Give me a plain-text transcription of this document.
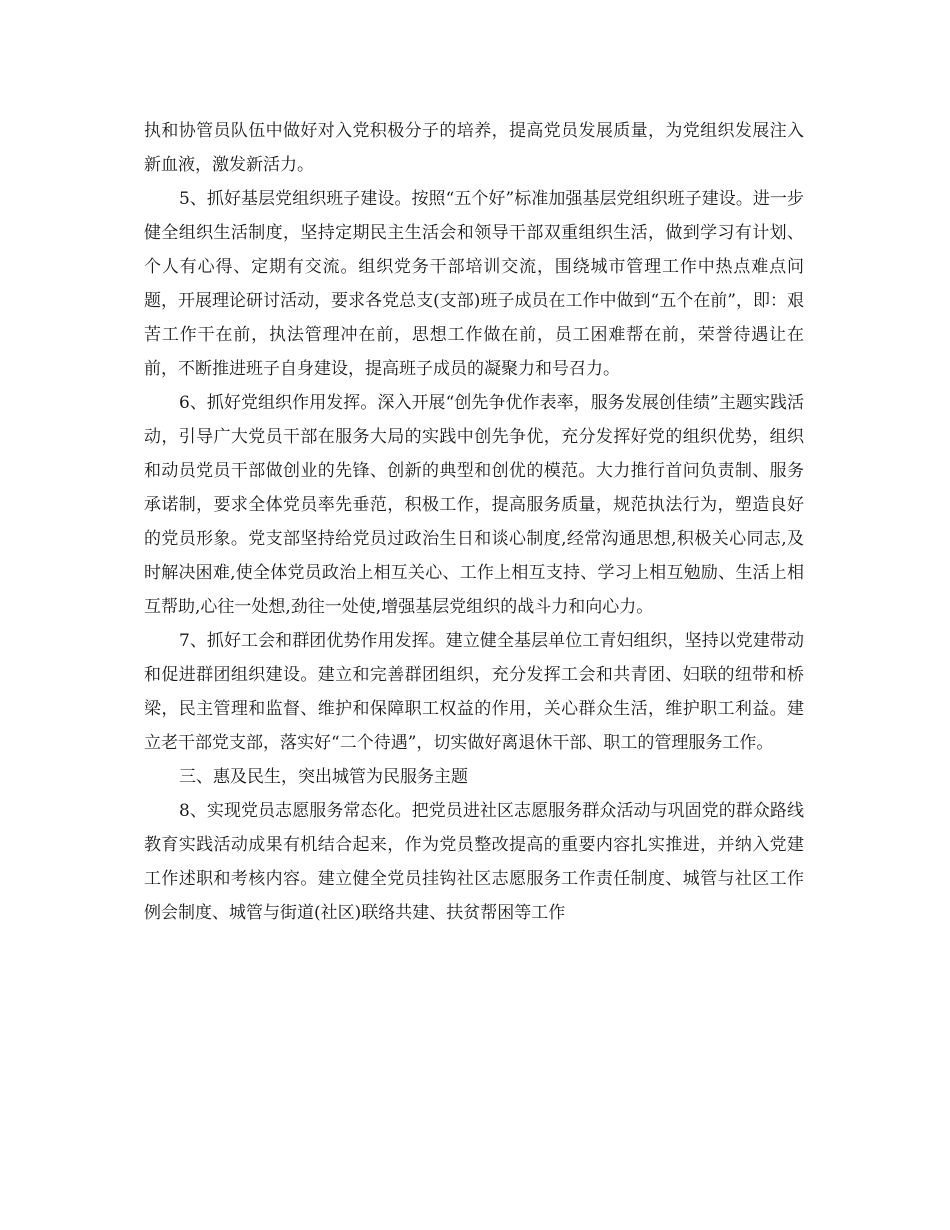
执和协管员队伍中做好对入党积极分子的培养，提高党员发展质量，为党组织发展注入新血液，激发新活力。

5、抓好基层党组织班子建设。按照“五个好”标准加强基层党组织班子建设。进一步健全组织生活制度，坚持定期民主生活会和领导干部双重组织生活，做到学习有计划、个人有心得、定期有交流。组织党务干部培训交流，围绕城市管理工作中热点难点问题，开展理论研讨活动，要求各党总支(支部)班子成员在工作中做到“五个在前”，即：艰苦工作干在前，执法管理冲在前，思想工作做在前，员工困难帮在前，荣誉待遇让在前，不断推进班子自身建设，提高班子成员的凝聚力和号召力。

6、抓好党组织作用发挥。深入开展“创先争优作表率，服务发展创佳绩”主题实践活动，引导广大党员干部在服务大局的实践中创先争优，充分发挥好党的组织优势，组织和动员党员干部做创业的先锋、创新的典型和创优的模范。大力推行首问负责制、服务承诺制，要求全体党员率先垂范，积极工作，提高服务质量，规范执法行为，塑造良好的党员形象。党支部坚持给党员过政治生日和谈心制度,经常沟通思想,积极关心同志,及时解决困难,使全体党员政治上相互关心、工作上相互支持、学习上相互勉励、生活上相互帮助,心往一处想,劲往一处使,增强基层党组织的战斗力和向心力。

7、抓好工会和群团优势作用发挥。建立健全基层单位工青妇组织，坚持以党建带动和促进群团组织建设。建立和完善群团组织，充分发挥工会和共青团、妇联的纽带和桥梁，民主管理和监督、维护和保障职工权益的作用，关心群众生活，维护职工利益。建立老干部党支部，落实好“二个待遇”，切实做好离退休干部、职工的管理服务工作。

三、惠及民生，突出城管为民服务主题

8、实现党员志愿服务常态化。把党员进社区志愿服务群众活动与巩固党的群众路线教育实践活动成果有机结合起来，作为党员整改提高的重要内容扎实推进，并纳入党建工作述职和考核内容。建立健全党员挂钩社区志愿服务工作责任制度、城管与社区工作例会制度、城管与街道(社区)联络共建、扶贫帮困等工作
